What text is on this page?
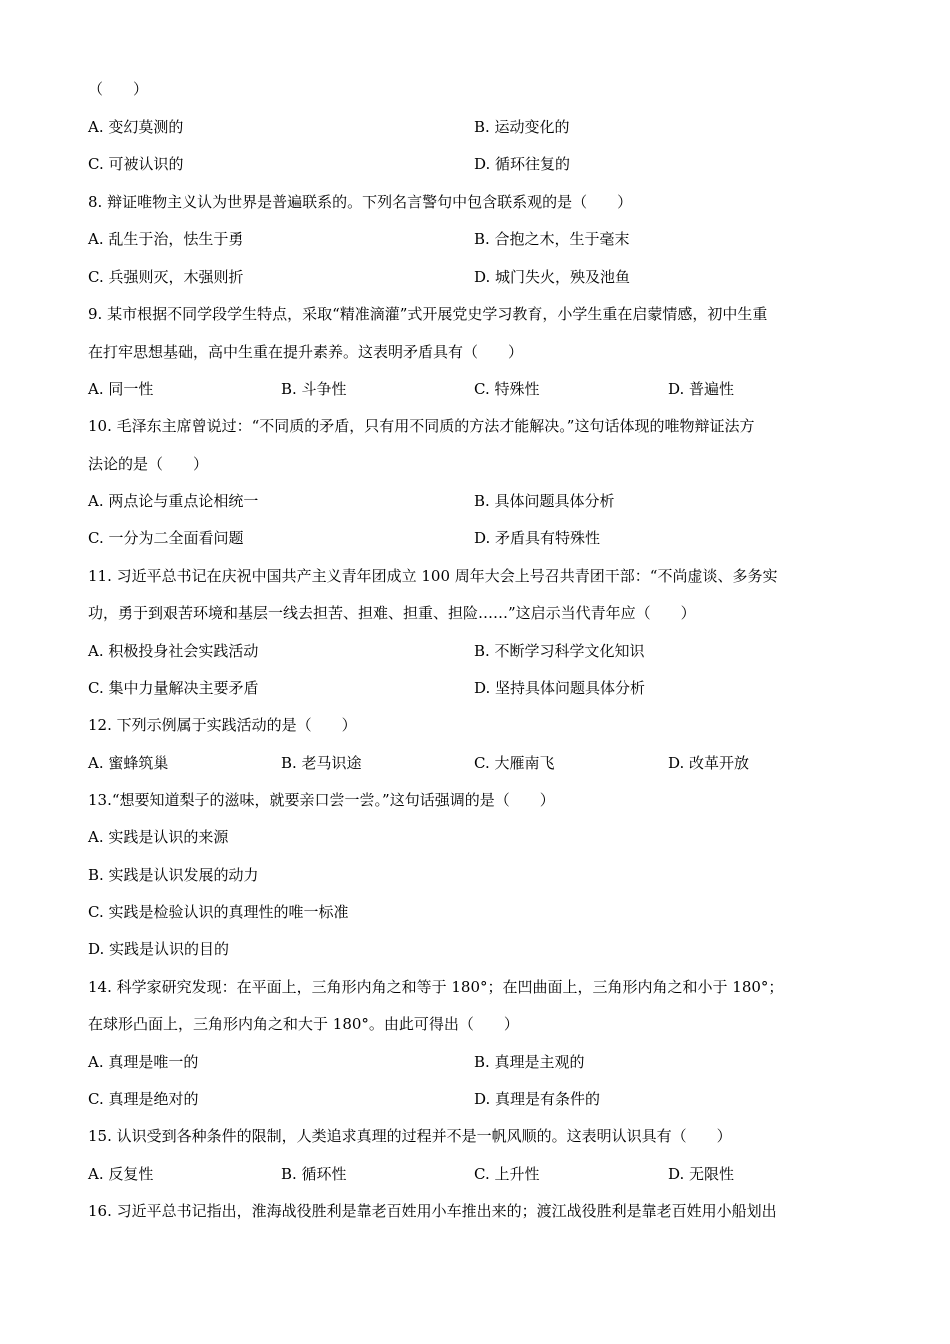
（　　）
A. 变幻莫测的	B. 运动变化的
C. 可被认识的	D. 循环往复的
8. 辩证唯物主义认为世界是普遍联系的。下列名言警句中包含联系观的是（　　）
A. 乱生于治，怯生于勇	B. 合抱之木，生于毫末
C. 兵强则灭，木强则折	D. 城门失火，殃及池鱼
9. 某市根据不同学段学生特点，采取“精准滴灌”式开展党史学习教育，小学生重在启蒙情感，初中生重
在打牢思想基础，高中生重在提升素养。这表明矛盾具有（　　）
A. 同一性	B. 斗争性	C. 特殊性	D. 普遍性
10. 毛泽东主席曾说过：“不同质的矛盾，只有用不同质的方法才能解决。”这句话体现的唯物辩证法方
法论的是（　　）
A. 两点论与重点论相统一	B. 具体问题具体分析
C. 一分为二全面看问题	D. 矛盾具有特殊性
11. 习近平总书记在庆祝中国共产主义青年团成立 100 周年大会上号召共青团干部：“不尚虚谈、多务实
功，勇于到艰苦环境和基层一线去担苦、担难、担重、担险……”这启示当代青年应（　　）
A. 积极投身社会实践活动	B. 不断学习科学文化知识
C. 集中力量解决主要矛盾	D. 坚持具体问题具体分析
12. 下列示例属于实践活动的是（　　）
A. 蜜蜂筑巢	B. 老马识途	C. 大雁南飞	D. 改革开放
13.“想要知道梨子的滋味，就要亲口尝一尝。”这句话强调的是（　　）
A. 实践是认识的来源
B. 实践是认识发展的动力
C. 实践是检验认识的真理性的唯一标准
D. 实践是认识的目的
14. 科学家研究发现：在平面上，三角形内角之和等于 180°；在凹曲面上，三角形内角之和小于 180°；
在球形凸面上，三角形内角之和大于 180°。由此可得出（　　）
A. 真理是唯一的	B. 真理是主观的
C. 真理是绝对的	D. 真理是有条件的
15. 认识受到各种条件的限制，人类追求真理的过程并不是一帆风顺的。这表明认识具有（　　）
A. 反复性	B. 循环性	C. 上升性	D. 无限性
16. 习近平总书记指出，淮海战役胜利是靠老百姓用小车推出来的；渡江战役胜利是靠老百姓用小船划出
